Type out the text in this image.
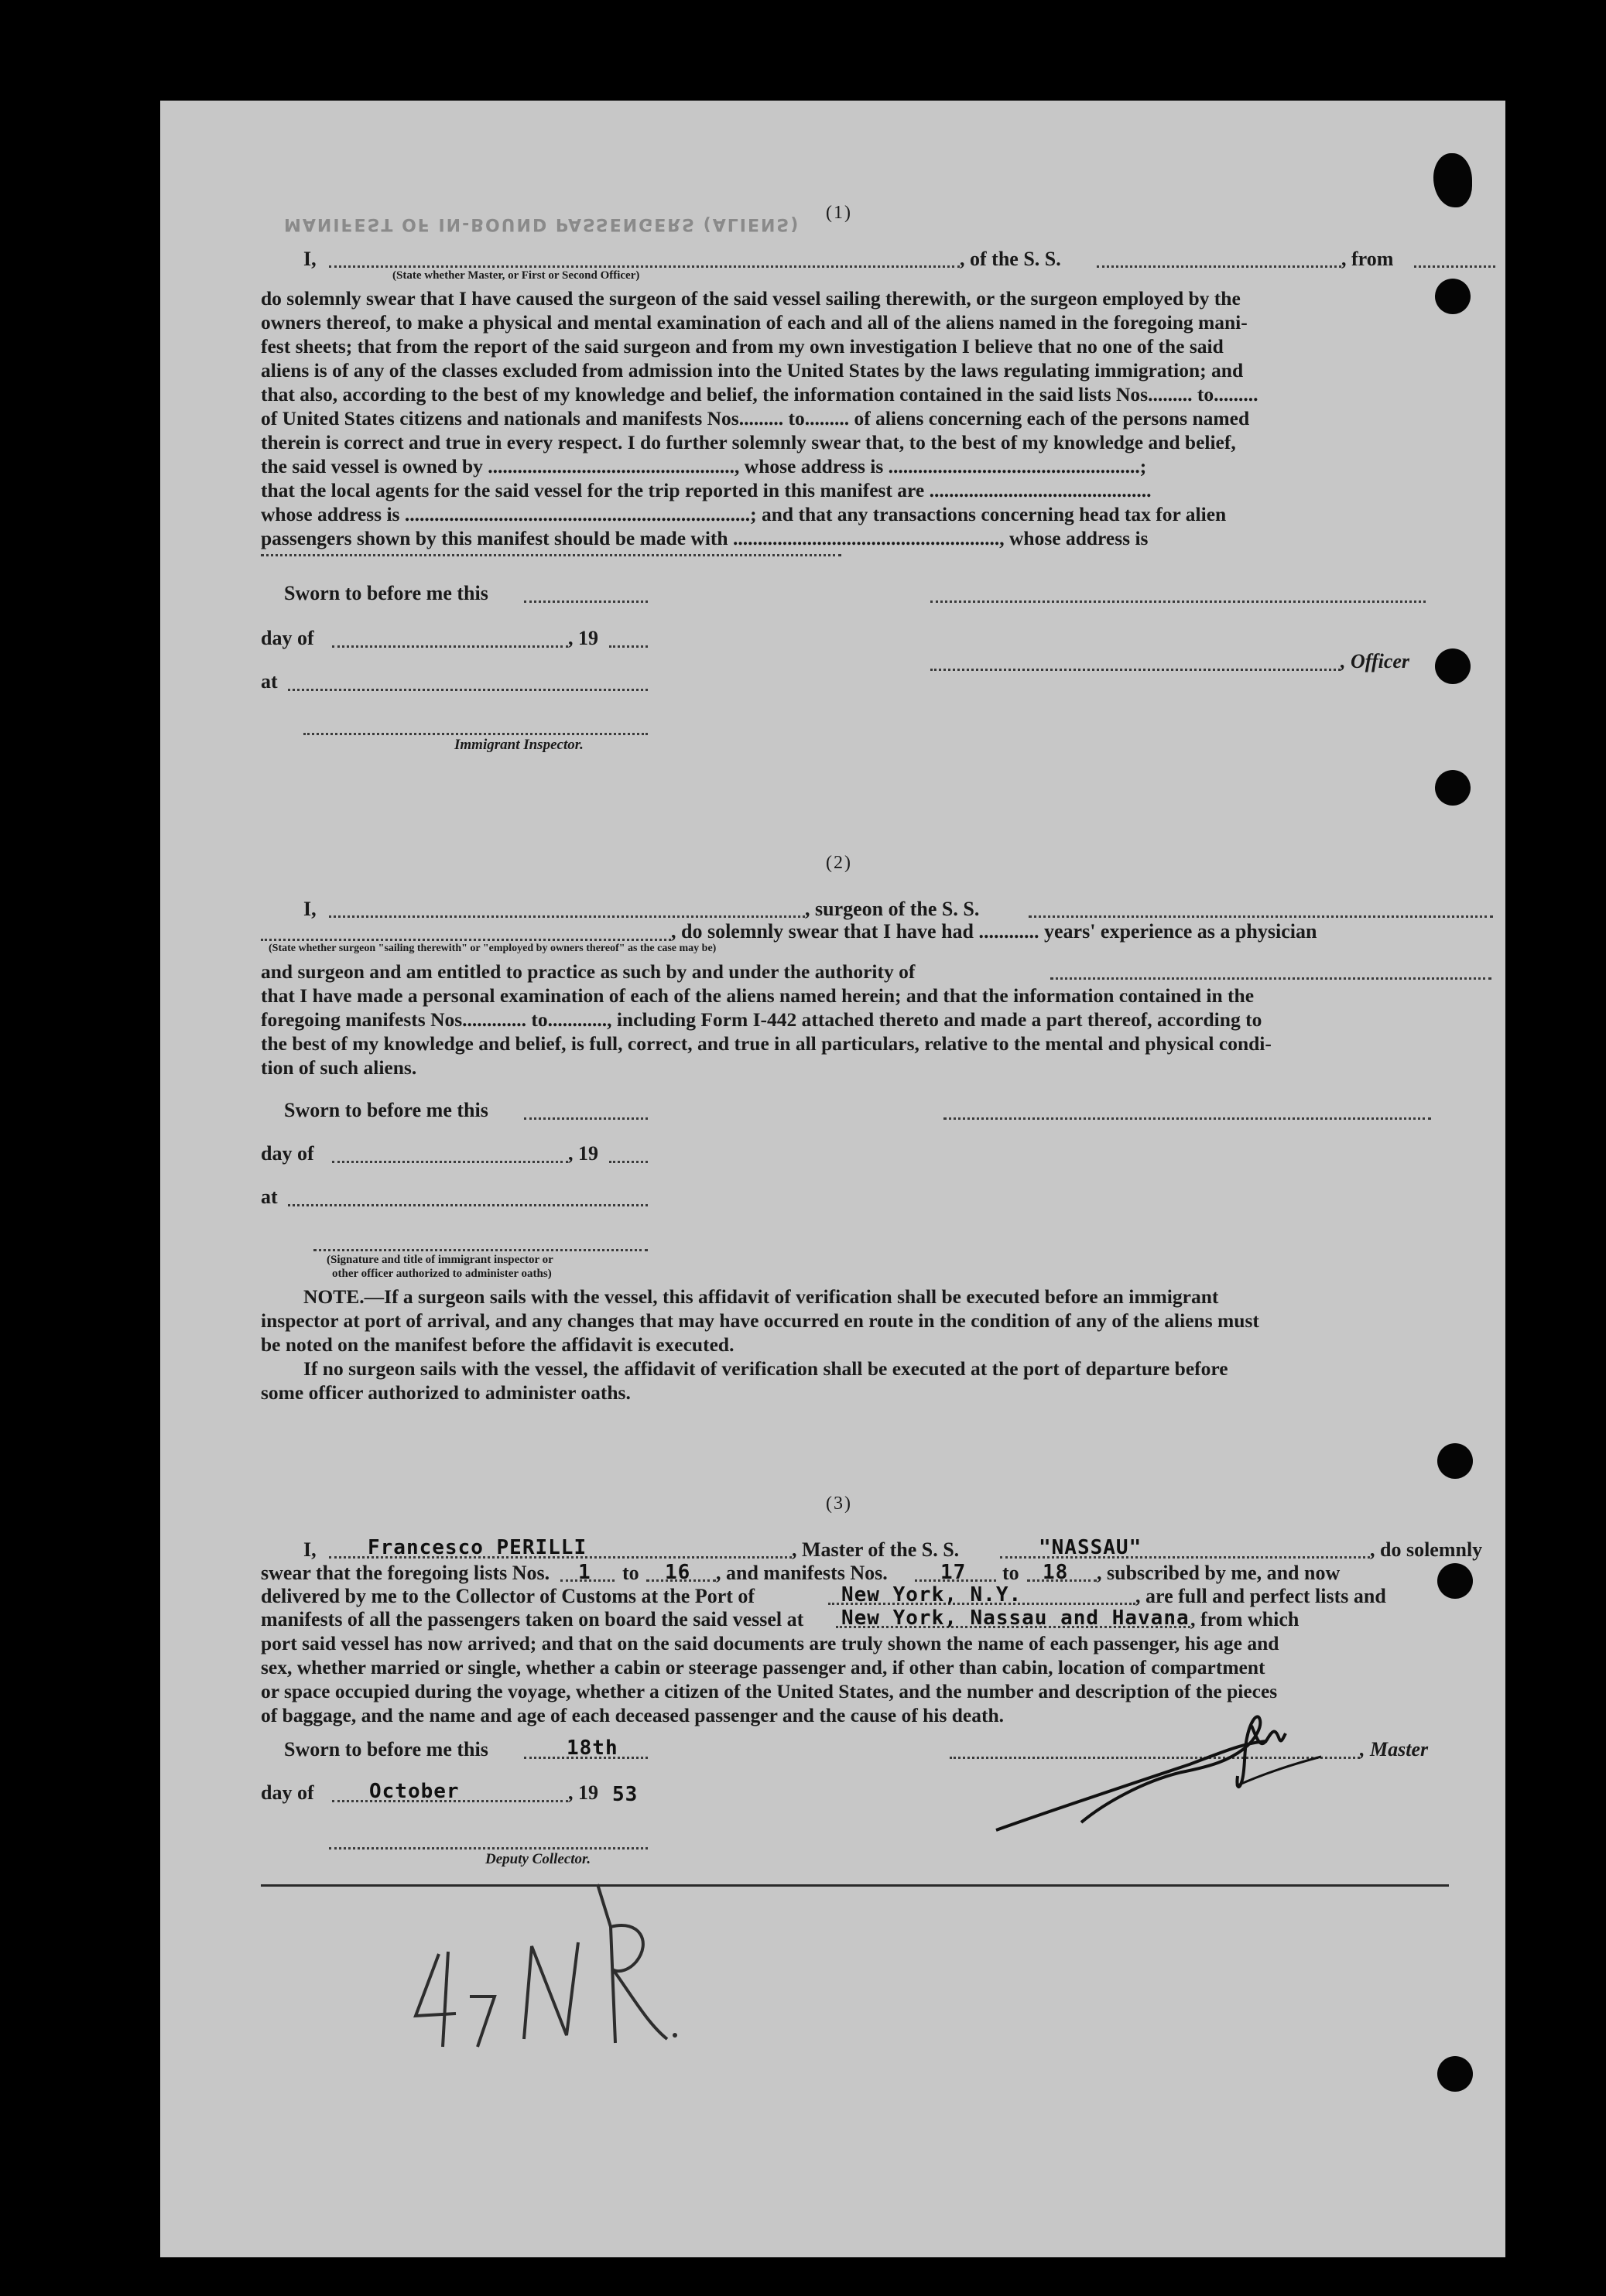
MANIFEST OF IN-BOUND PASSENGERS (ALIENS)
(1)
I,
(State whether Master, or First or Second Officer)
, of the S. S.	, from
do solemnly swear that I have caused the surgeon of the said vessel sailing therewith, or the surgeon employed by the
owners thereof, to make a physical and mental examination of each and all of the aliens named in the foregoing mani-
fest sheets; that from the report of the said surgeon and from my own investigation I believe that no one of the said
aliens is of any of the classes excluded from admission into the United States by the laws regulating immigration; and
that also, according to the best of my knowledge and belief, the information contained in the said lists Nos......... to.........
of United States citizens and nationals and manifests Nos......... to......... of aliens concerning each of the persons named
therein is correct and true in every respect. I do further solemnly swear that, to the best of my knowledge and belief,
the said vessel is owned by .................................................., whose address is ...................................................;
that the local agents for the said vessel for the trip reported in this manifest are .............................................
whose address is ......................................................................; and that any transactions concerning head tax for alien
passengers shown by this manifest should be made with ......................................................, whose address is
Sworn to before me this
day of	, 19
, Officer
at
Immigrant Inspector.
(2)
I,	, surgeon of the S. S.
, do solemnly swear that I have had ............ years' experience as a physician
(State whether surgeon "sailing therewith" or "employed by owners thereof" as the case may be)
and surgeon and am entitled to practice as such by and under the authority of
that I have made a personal examination of each of the aliens named herein; and that the information contained in the
foregoing manifests Nos............. to............, including Form I-442 attached thereto and made a part thereof, according to
the best of my knowledge and belief, is full, correct, and true in all particulars, relative to the mental and physical condi-
tion of such aliens.
Sworn to before me this
day of	, 19
at
(Signature and title of immigrant inspector or
other officer authorized to administer oaths)
NOTE.—If a surgeon sails with the vessel, this affidavit of verification shall be executed before an immigrant
inspector at port of arrival, and any changes that may have occurred en route in the condition of any of the aliens must
be noted on the manifest before the affidavit is executed.
If no surgeon sails with the vessel, the affidavit of verification shall be executed at the port of departure before
some officer authorized to administer oaths.
(3)
I,	Francesco PERILLI	, Master of the S. S.	"NASSAU"	, do solemnly
swear that the foregoing lists Nos. 1 to 16 , and manifests Nos.	17 to 18 , subscribed by me, and now
delivered by me to the Collector of Customs at the Port of	New York, N.Y.	, are full and perfect lists and
manifests of all the passengers taken on board the said vessel at New York, Nassau and Havana , from which
port said vessel has now arrived; and that on the said documents are truly shown the name of each passenger, his age and
sex, whether married or single, whether a cabin or steerage passenger and, if other than cabin, location of compartment
or space occupied during the voyage, whether a citizen of the United States, and the number and description of the pieces
of baggage, and the name and age of each deceased passenger and the cause of his death.
Sworn to before me this	18th	, Master
day of	October	, 19 53
Deputy Collector.
